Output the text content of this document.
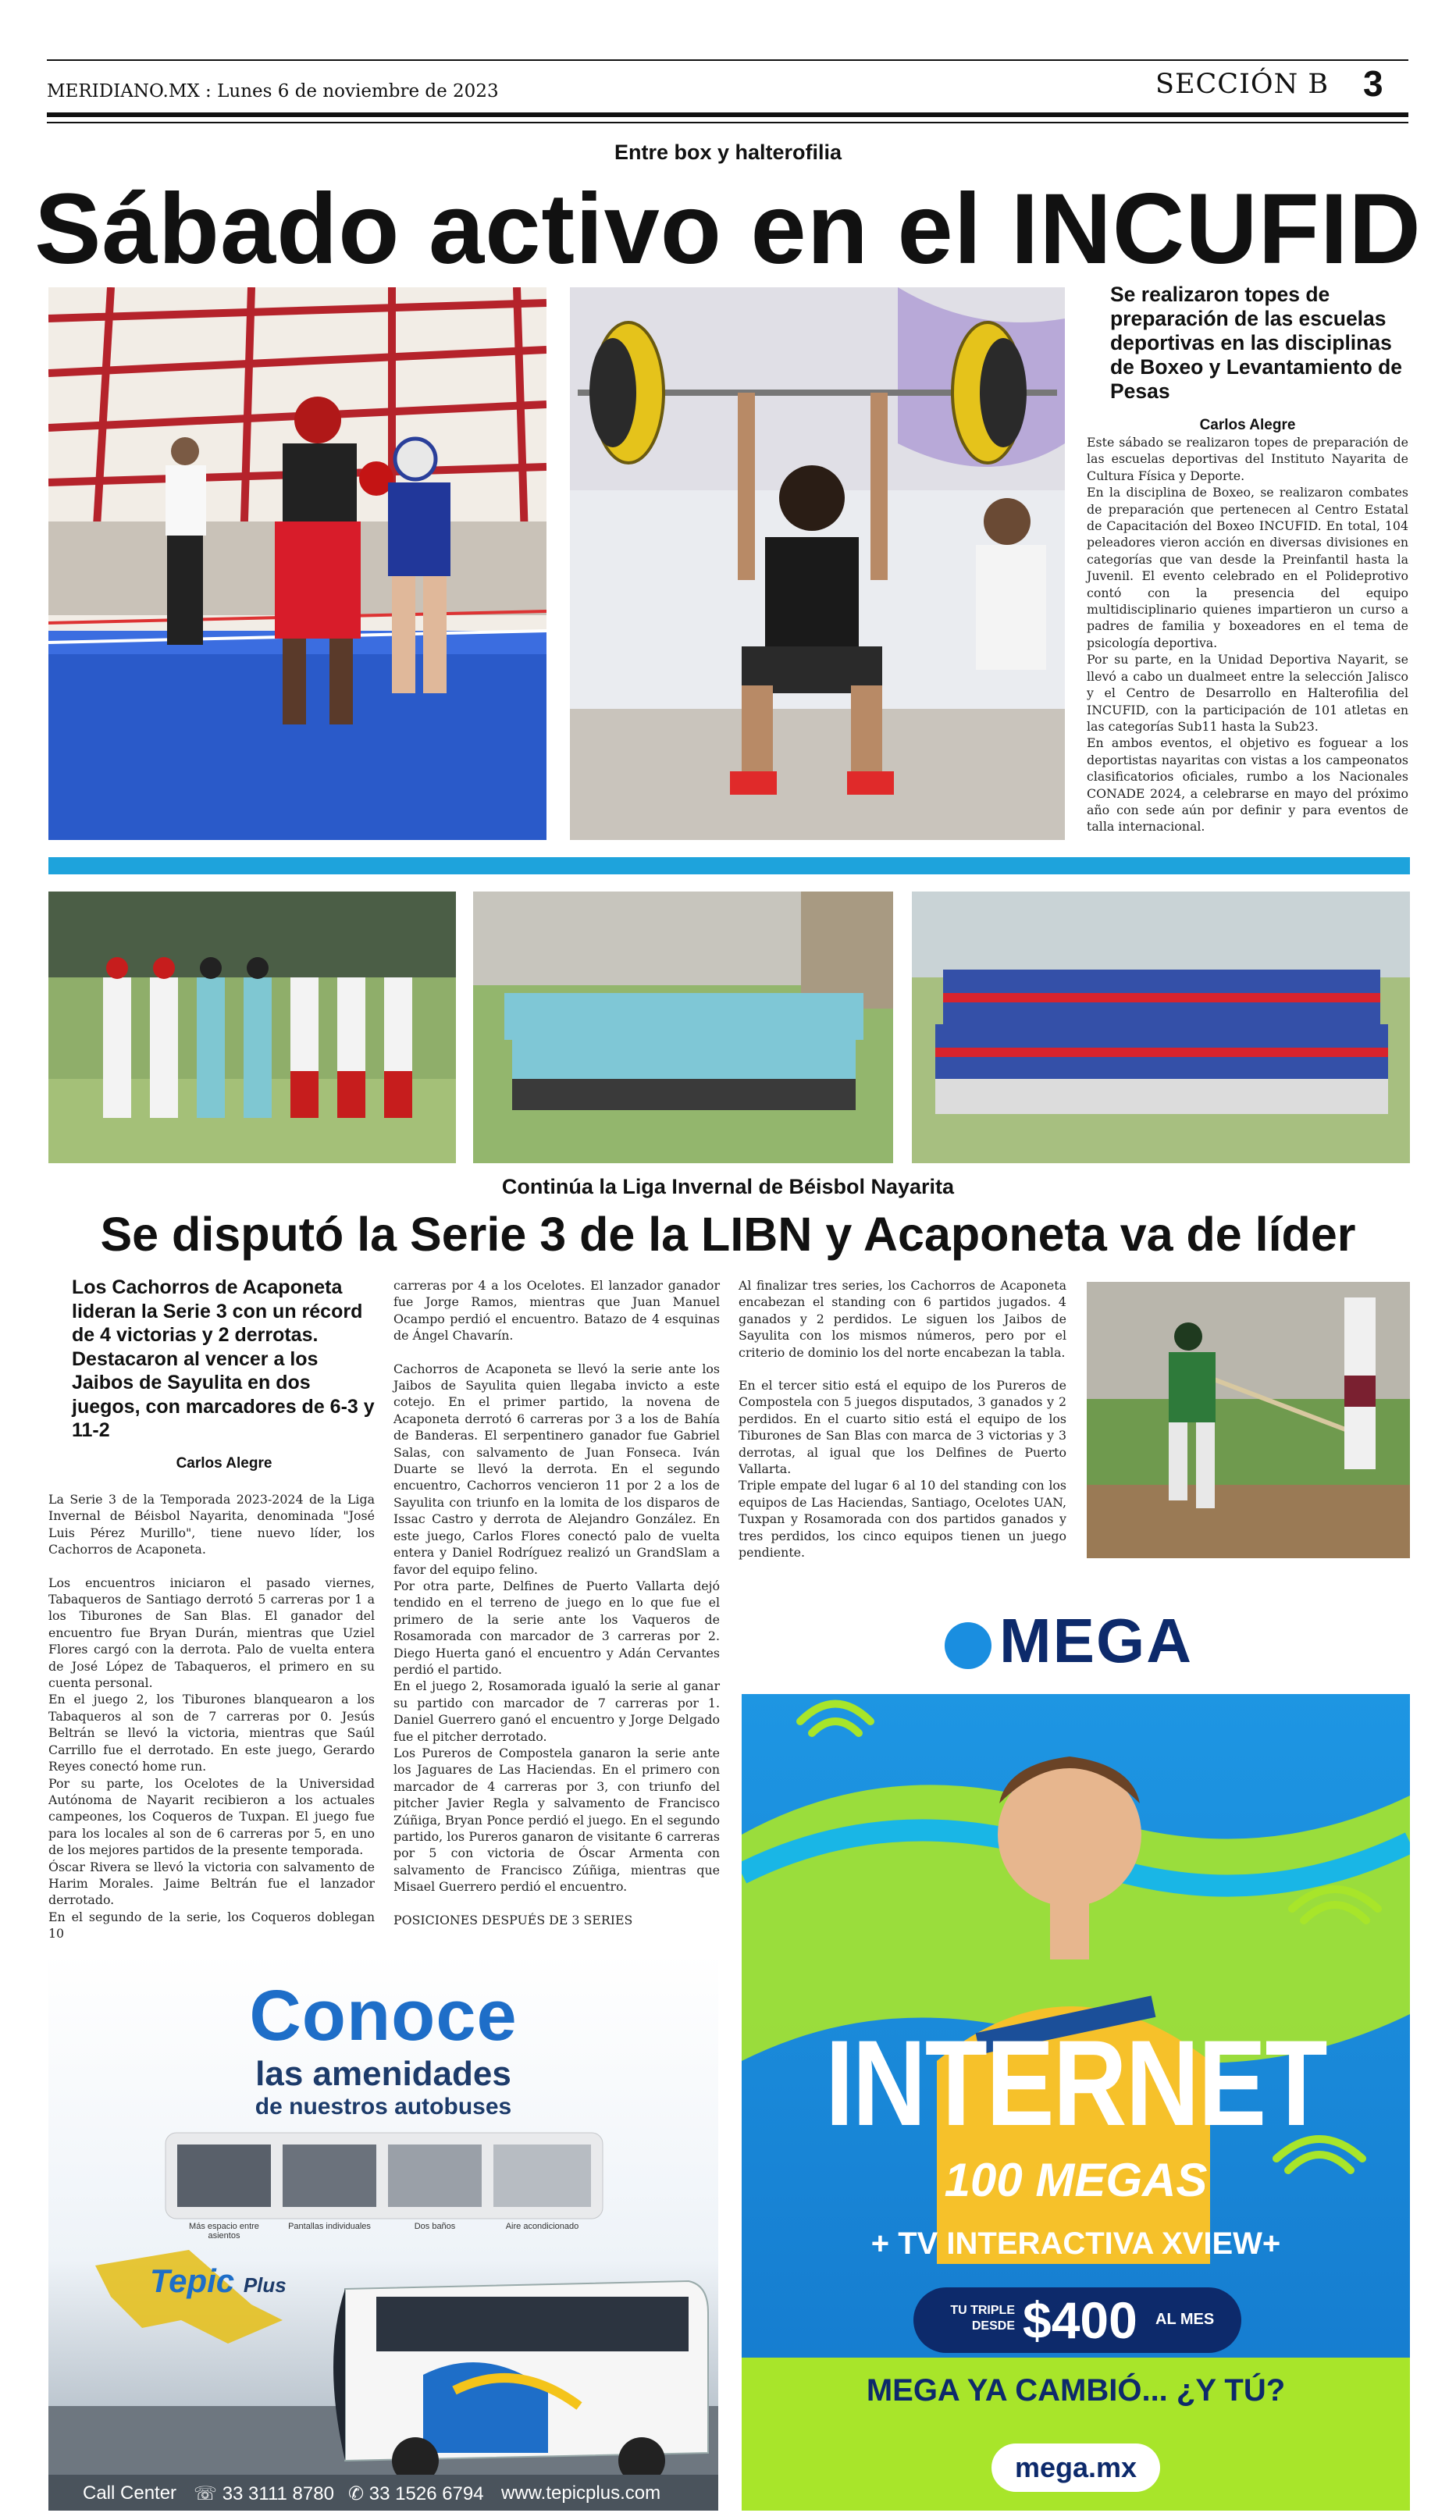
MERIDIANO.MX : Lunes 6 de noviembre de 2023	SECCIÓN B 3
Entre box y halterofilia
Sábado activo en el INCUFID
Se realizaron topes de preparación de las escuelas deportivas en las disciplinas de Boxeo y Levantamiento de Pesas
Carlos Alegre

Este sábado se realizaron topes de preparación de las escuelas deportivas del Instituto Nayarita de Cultura Física y Deporte.

En la disciplina de Boxeo, se realizaron combates de preparación que pertenecen al Centro Estatal de Capacitación del Boxeo INCUFID. En total, 104 peleadores vieron acción en diversas divisiones en categorías que van desde la Preinfantil hasta la Juvenil. El evento celebrado en el Polideprotivo contó con la presencia del equipo multidisciplinario quienes impartieron un curso a padres de familia y boxeadores en el tema de psicología deportiva.

Por su parte, en la Unidad Deportiva Nayarit, se llevó a cabo un dualmeet entre la selección Jalisco y el Centro de Desarrollo en Halterofilia del INCUFID, con la participación de 101 atletas en las categorías Sub11 hasta la Sub23.

En ambos eventos, el objetivo es foguear a los deportistas nayaritas con vistas a los campeonatos clasificatorios oficiales, rumbo a los Nacionales CONADE 2024, a celebrarse en mayo del próximo año con sede aún por definir y para eventos de talla internacional.

Continúa la Liga Invernal de Béisbol Nayarita
Se disputó la Serie 3 de la LIBN y Acaponeta va de líder
Los Cachorros de Acaponeta lideran la Serie 3 con un récord de 4 victorias y 2 derrotas. Destacaron al vencer a los Jaibos de Sayulita en dos juegos, con marcadores de 6-3 y 11-2
Carlos Alegre

La Serie 3 de la Temporada 2023-2024 de la Liga Invernal de Béisbol Nayarita, denominada "José Luis Pérez Murillo", tiene nuevo líder, los Cachorros de Acaponeta.

Los encuentros iniciaron el pasado viernes, Tabaqueros de Santiago derrotó 5 carreras por 1 a los Tiburones de San Blas. El ganador del encuentro fue Bryan Durán, mientras que Uziel Flores cargó con la derrota. Palo de vuelta entera de José López de Tabaqueros, el primero en su cuenta personal.

En el juego 2, los Tiburones blanquearon a los Tabaqueros al son de 7 carreras por 0. Jesús Beltrán se llevó la victoria, mientras que Saúl Carrillo fue el derrotado. En este juego, Gerardo Reyes conectó home run.

Por su parte, los Ocelotes de la Universidad Autónoma de Nayarit recibieron a los actuales campeones, los Coqueros de Tuxpan. El juego fue para los locales al son de 6 carreras por 5, en uno de los mejores partidos de la presente temporada.

Óscar Rivera se llevó la victoria con salvamento de Harim Morales. Jaime Beltrán fue el lanzador derrotado.

En el segundo de la serie, los Coqueros doblegan 10

carreras por 4 a los Ocelotes. El lanzador ganador fue Jorge Ramos, mientras que Juan Manuel Ocampo perdió el encuentro. Batazo de 4 esquinas de Ángel Chavarín.

Cachorros de Acaponeta se llevó la serie ante los Jaibos de Sayulita quien llegaba invicto a este cotejo. En el primer partido, la novena de Acaponeta derrotó 6 carreras por 3 a los de Bahía de Banderas. El serpentinero ganador fue Gabriel Salas, con salvamento de Juan Fonseca. Iván Duarte se llevó la derrota. En el segundo encuentro, Cachorros vencieron 11 por 2 a los de Sayulita con triunfo en la lomita de los disparos de Issac Castro y derrota de Alejandro González. En este juego, Carlos Flores conectó palo de vuelta entera y Daniel Rodríguez realizó un GrandSlam a favor del equipo felino.

Por otra parte, Delfines de Puerto Vallarta dejó tendido en el terreno de juego en lo que fue el primero de la serie ante los Vaqueros de Rosamorada con marcador de 3 carreras por 2. Diego Huerta ganó el encuentro y Adán Cervantes perdió el partido.

En el juego 2, Rosamorada igualó la serie al ganar su partido con marcador de 7 carreras por 1. Daniel Guerrero ganó el encuentro y Jorge Delgado fue el pitcher derrotado.

Los Pureros de Compostela ganaron la serie ante los Jaguares de Las Haciendas. En el primero con marcador de 4 carreras por 3, con triunfo del pitcher Javier Regla y salvamento de Francisco Zúñiga, Bryan Ponce perdió el juego. En el segundo partido, los Pureros ganaron de visitante 6 carreras por 5 con victoria de Óscar Armenta con salvamento de Francisco Zúñiga, mientras que Misael Guerrero perdió el encuentro.

POSICIONES DESPUÉS DE 3 SERIES

Al finalizar tres series, los Cachorros de Acaponeta encabezan el standing con 6 partidos jugados. 4 ganados y 2 perdidos. Le siguen los Jaibos de Sayulita con los mismos números, pero por el criterio de dominio los del norte encabezan la tabla.

En el tercer sitio está el equipo de los Pureros de Compostela con 5 juegos disputados, 3 ganados y 2 perdidos. En el cuarto sitio está el equipo de los Tiburones de San Blas con marca de 3 victorias y 3 derrotas, al igual que los Delfines de Puerto Vallarta.

Triple empate del lugar 6 al 10 del standing con los equipos de Las Haciendas, Santiago, Ocelotes UAN, Tuxpan y Rosamorada con dos partidos ganados y tres perdidos, los cinco equipos tienen un juego pendiente.

Conoce
las amenidades
de nuestros autobuses
Más espacio entre asientos
Pantallas individuales	Dos baños	Aire acondicionado
Tepic Plus
Call Center ☏ 33 3111 8780 ✆ 33 1526 6794 www.tepicplus.com
MEGA
INTERNET
100 MEGAS
+ TV INTERACTIVA XVIEW+
TU TRIPLE
DESDE $400 AL MES
MEGA YA CAMBIÓ... ¿Y TÚ?
mega.mx
